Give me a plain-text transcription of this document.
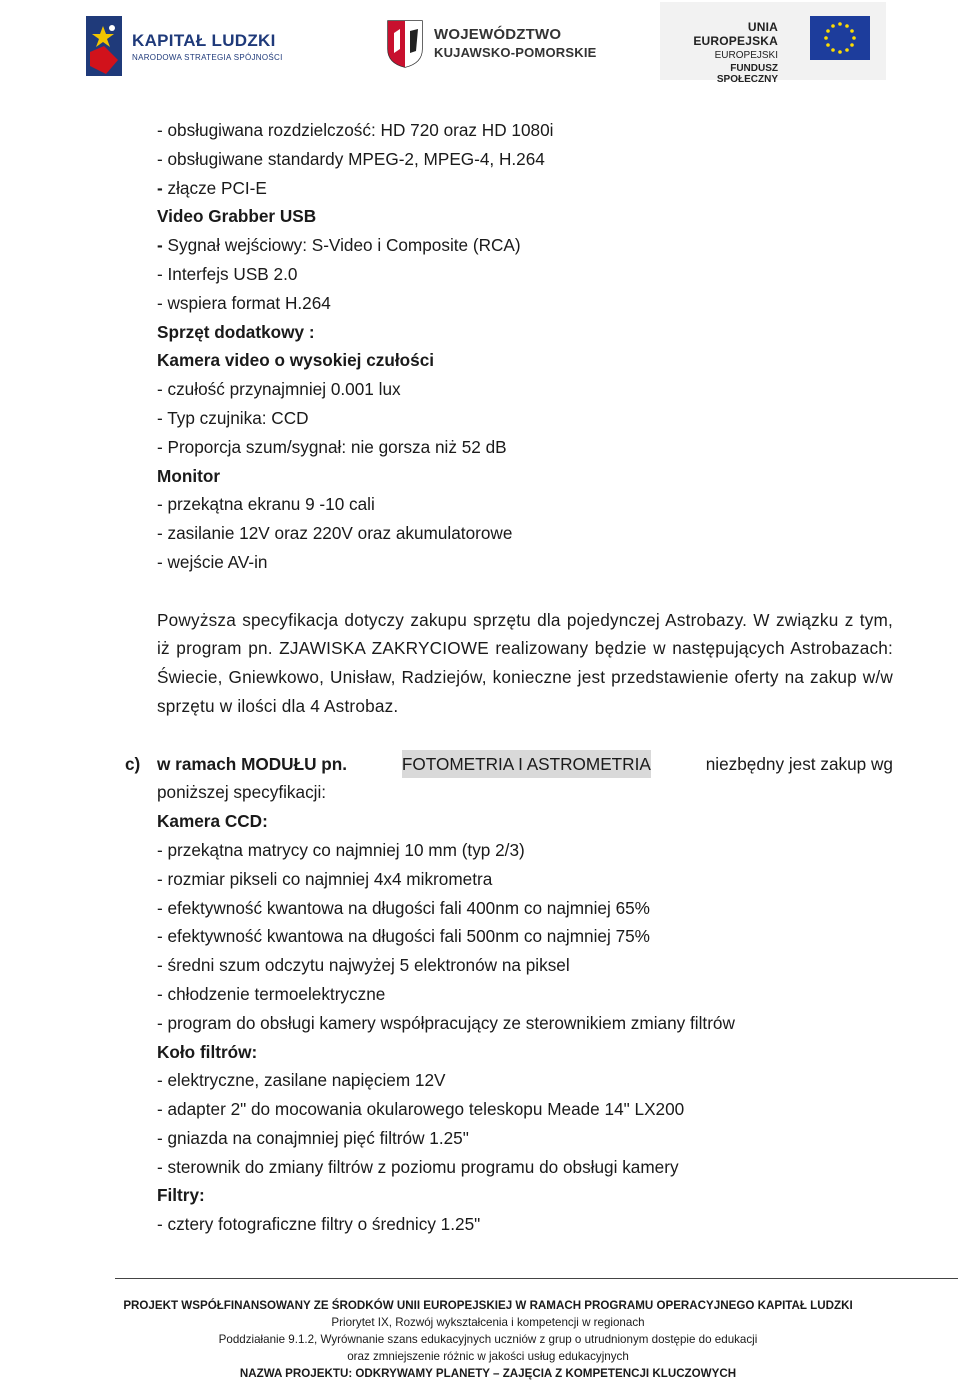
KAPITAŁ LUDZKI
NARODOWA STRATEGIA SPÓJNOŚCI
WOJEWÓDZTWO
KUJAWSKO-POMORSKIE
UNIA EUROPEJSKA
EUROPEJSKI
FUNDUSZ SPOŁECZNY
- obsługiwana rozdzielczość: HD 720 oraz HD 1080i
- obsługiwane standardy MPEG-2, MPEG-4, H.264
- złącze PCI-E
Video Grabber USB
- Sygnał wejściowy: S-Video i Composite (RCA)
- Interfejs USB 2.0
- wspiera format H.264
Sprzęt dodatkowy :
Kamera video o wysokiej czułości
- czułość przynajmniej 0.001 lux
- Typ czujnika: CCD
- Proporcja szum/sygnał: nie gorsza niż 52 dB
Monitor
- przekątna ekranu 9 -10 cali
- zasilanie 12V oraz 220V oraz akumulatorowe
- wejście AV-in
Powyższa specyfikacja dotyczy zakupu sprzętu dla pojedynczej Astrobazy. W związku z tym, iż program pn. ZJAWISKA ZAKRYCIOWE realizowany będzie w następujących Astrobazach: Świecie, Gniewkowo, Unisław, Radziejów, konieczne jest przedstawienie oferty na zakup w/w sprzętu w ilości dla 4 Astrobaz.
c) w ramach MODUŁU pn.	FOTOMETRIA I ASTROMETRIA	niezbędny jest zakup wg
poniższej specyfikacji:
Kamera CCD:
- przekątna matrycy co najmniej 10 mm (typ 2/3)
- rozmiar pikseli co najmniej 4x4 mikrometra
- efektywność kwantowa na długości fali 400nm co najmniej 65%
- efektywność kwantowa na długości fali 500nm co najmniej 75%
- średni szum odczytu najwyżej 5 elektronów na piksel
- chłodzenie termoelektryczne
- program do obsługi kamery współpracujący ze sterownikiem zmiany filtrów
Koło filtrów:
- elektryczne, zasilane napięciem 12V
- adapter 2" do mocowania okularowego teleskopu Meade 14" LX200
- gniazda na conajmniej pięć filtrów 1.25"
- sterownik do zmiany filtrów z poziomu programu do obsługi kamery
Filtry:
- cztery fotograficzne filtry o średnicy 1.25"
PROJEKT WSPÓŁFINANSOWANY ZE ŚRODKÓW UNII EUROPEJSKIEJ W RAMACH PROGRAMU OPERACYJNEGO KAPITAŁ LUDZKI
Priorytet IX, Rozwój wykształcenia i kompetencji w regionach
Poddziałanie 9.1.2, Wyrównanie szans edukacyjnych uczniów z grup o utrudnionym dostępie do edukacji
oraz zmniejszenie różnic w jakości usług edukacyjnych
NAZWA PROJEKTU: ODKRYWAMY PLANETY – ZAJĘCIA Z KOMPETENCJI KLUCZOWYCH
